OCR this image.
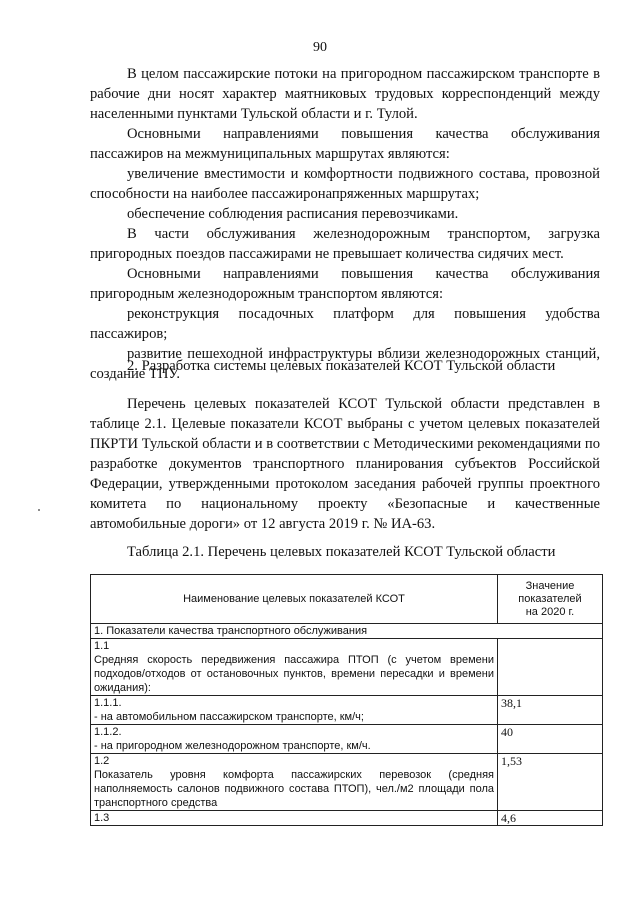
90

В целом пассажирские потоки на пригородном пассажирском транспорте в рабочие дни носят характер маятниковых трудовых корреспонденций между населенными пунктами Тульской области и г. Тулой.

Основными направлениями повышения качества обслуживания пассажиров на межмуниципальных маршрутах являются:

увеличение вместимости и комфортности подвижного состава, провозной способности на наиболее пассажиронапряженных маршрутах;

обеспечение соблюдения расписания перевозчиками.

В части обслуживания железнодорожным транспортом, загрузка пригородных поездов пассажирами не превышает количества сидячих мест.

Основными направлениями повышения качества обслуживания пригородным железнодорожным транспортом являются:

реконструкция посадочных платформ для повышения удобства пассажиров;

развитие пешеходной инфраструктуры вблизи железнодорожных станций, создание ТПУ.

2. Разработка системы целевых показателей КСОТ Тульской области

Перечень целевых показателей КСОТ Тульской области представлен в таблице 2.1. Целевые показатели КСОТ выбраны с учетом целевых показателей ПКРТИ Тульской области и в соответствии с Методическими рекомендациями по разработке документов транспортного планирования субъектов Российской Федерации, утвержденными протоколом заседания рабочей группы проектного комитета по национальному проекту «Безопасные и качественные автомобильные дороги» от 12 августа 2019 г. № ИА-63.

Таблица 2.1. Перечень целевых показателей КСОТ Тульской области
Наименование целевых показателей КСОТ	Значение
показателей
на 2020 г.

1. Показатели качества транспортного обслуживания	

1.1
Средняя скорость передвижения пассажира ПТОП (с учетом времени подходов/отходов от остановочных пунктов, времени пересадки и времени ожидания):	

1.1.1.
- на автомобильном пассажирском транспорте, км/ч;	38,1

1.1.2.
- на пригородном железнодорожном транспорте, км/ч.	40

1.2
Показатель уровня комфорта пассажирских перевозок (средняя наполняемость салонов подвижного состава ПТОП), чел./м2 площади пола транспортного средства	1,53

1.3	4,6
